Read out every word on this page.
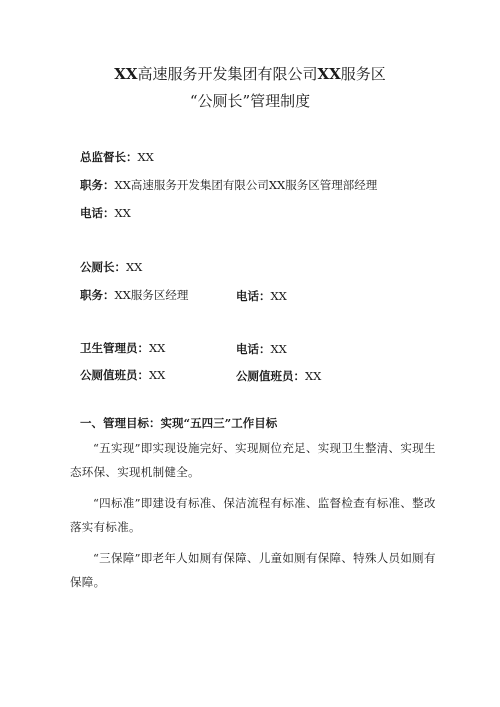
XX高速服务开发集团有限公司XX服务区
“公厕长”管理制度
总监督长：XX
职务：XX高速服务开发集团有限公司XX服务区管理部经理
电话：XX
公厕长：XX
职务：XX服务区经理	电话：XX
卫生管理员：XX	电话：XX
公厕值班员：XX	公厕值班员：XX
一、管理目标：实现“五四三”工作目标
“五实现”即实现设施完好、实现厕位充足、实现卫生整清、实现生态环保、实现机制健全。
“四标准”即建设有标准、保洁流程有标准、监督检查有标准、整改落实有标准。
“三保障”即老年人如厕有保障、儿童如厕有保障、特殊人员如厕有保障。
